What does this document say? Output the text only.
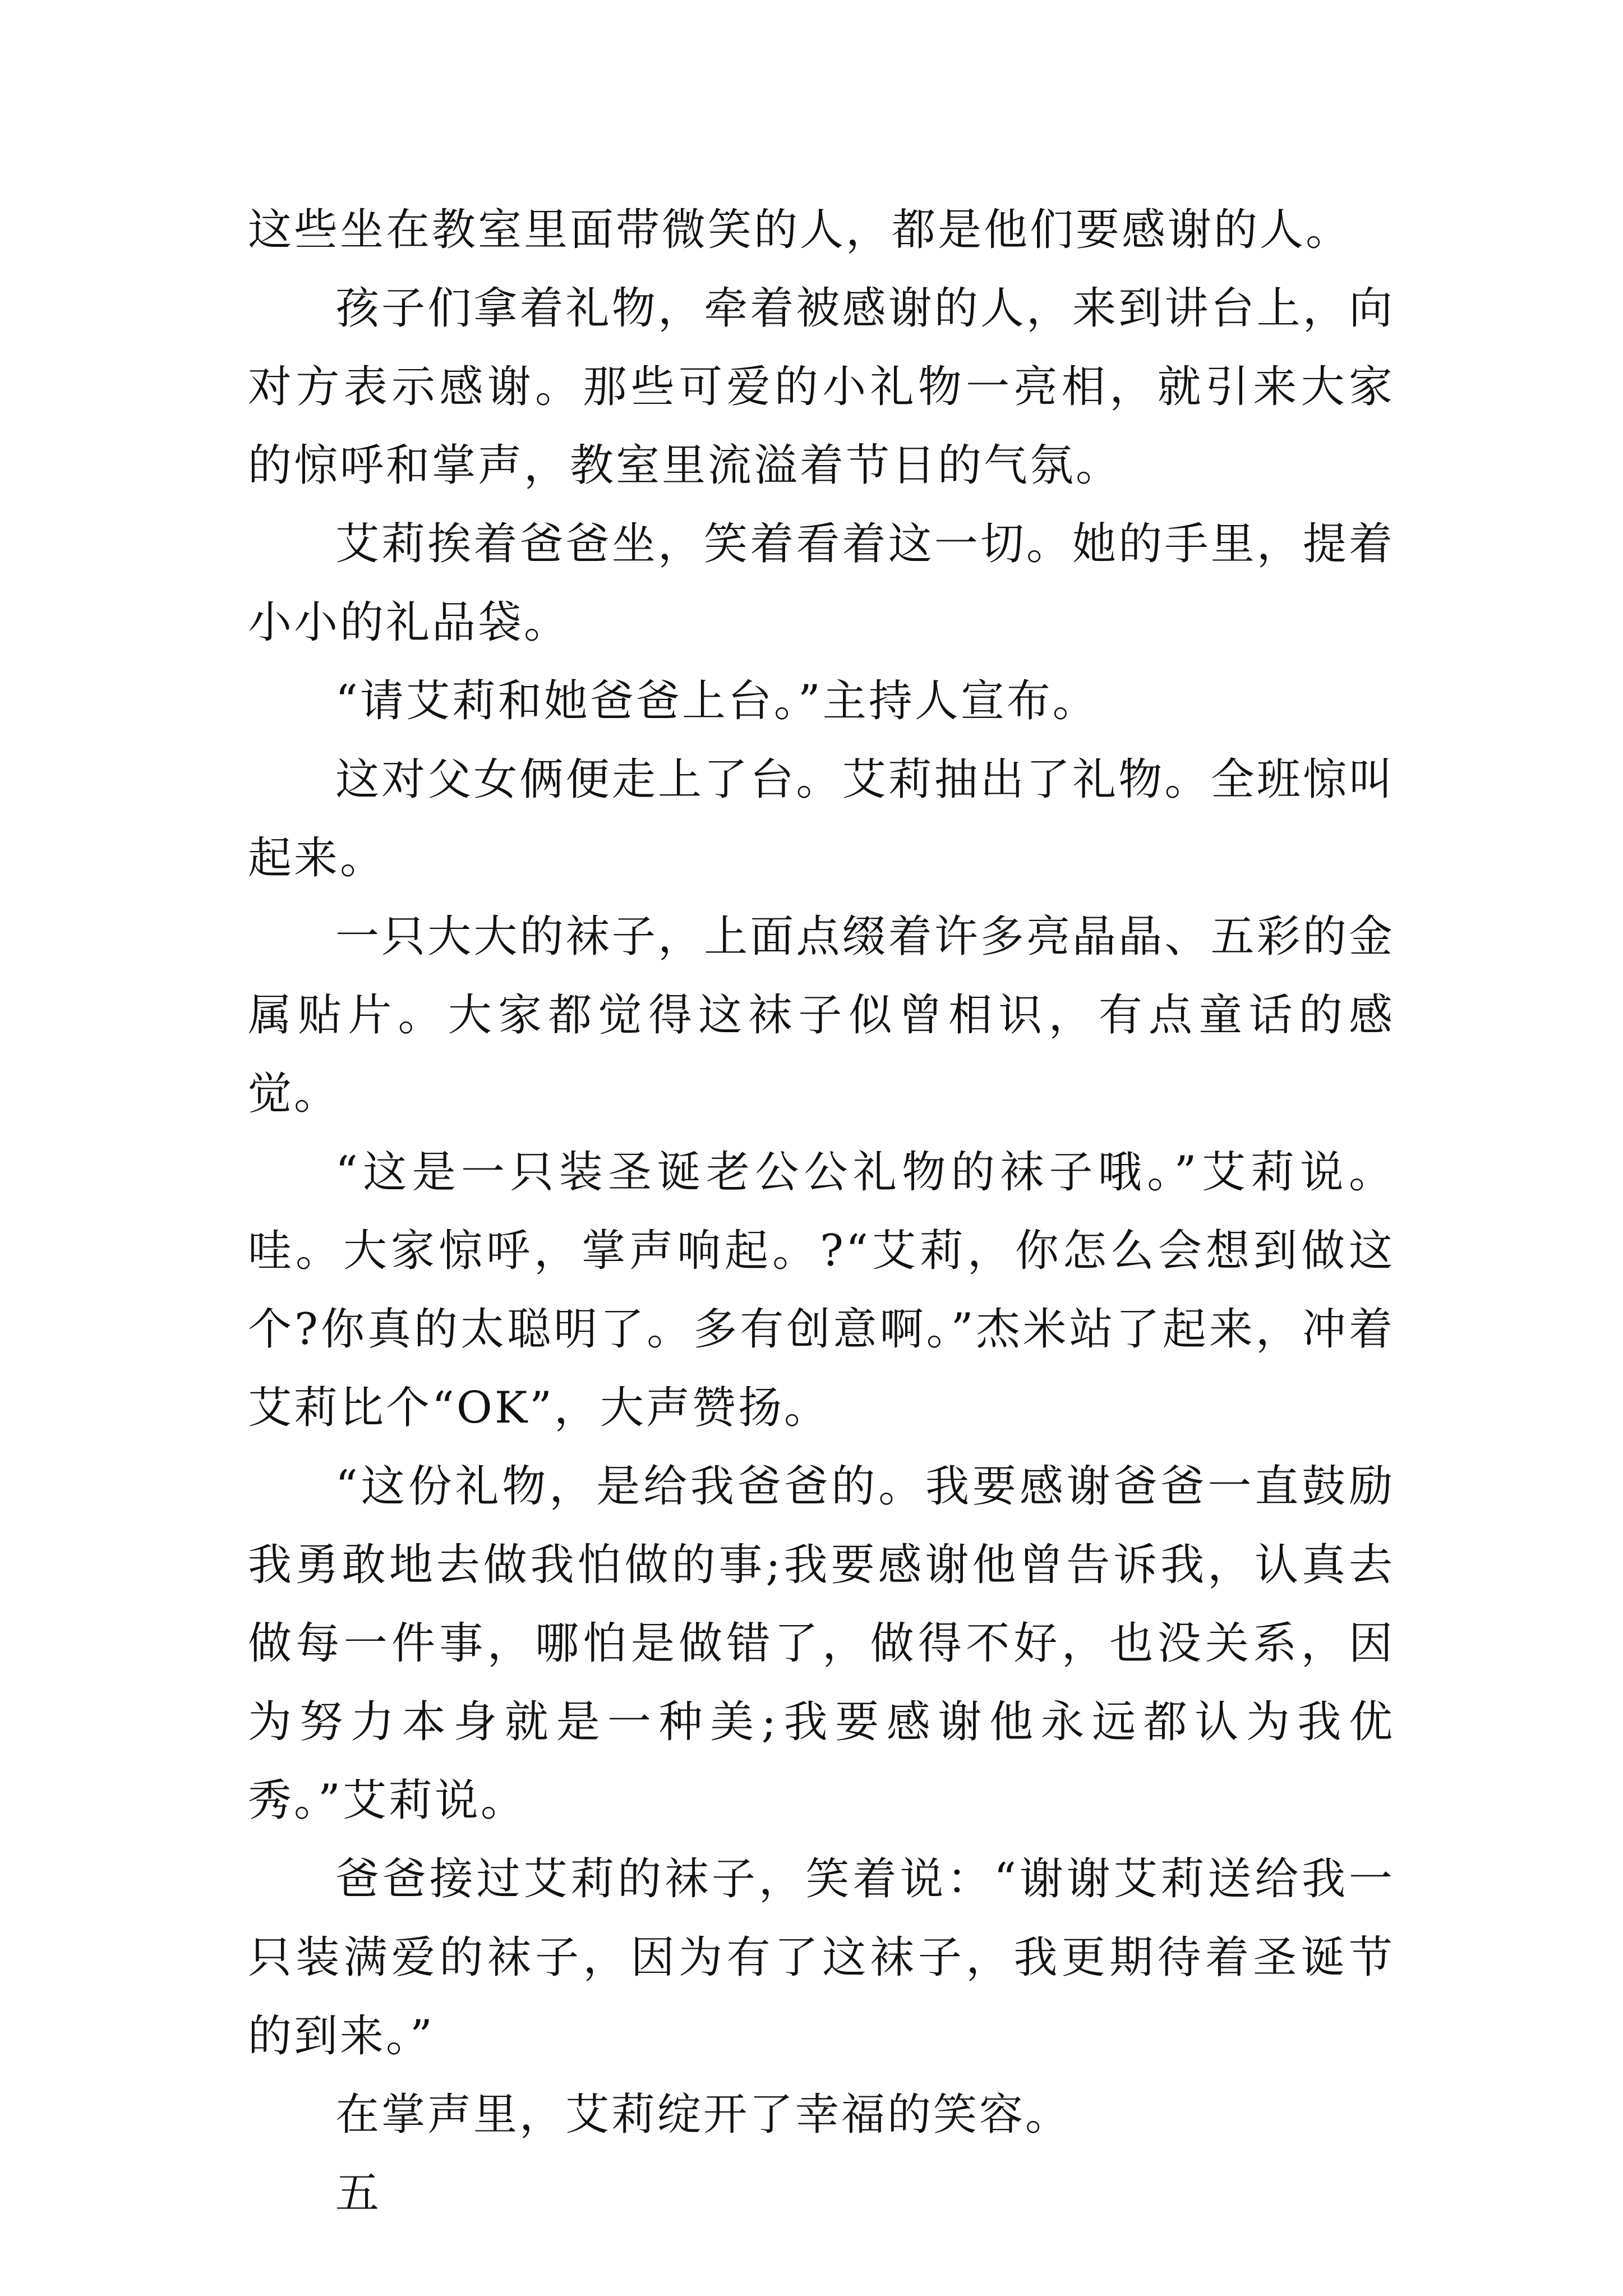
这些坐在教室里面带微笑的人，都是他们要感谢的人。

孩子们拿着礼物，牵着被感谢的人，来到讲台上，向对方表示感谢。那些可爱的小礼物一亮相，就引来大家的惊呼和掌声，教室里流溢着节日的气氛。

艾莉挨着爸爸坐，笑着看着这一切。她的手里，提着小小的礼品袋。

“请艾莉和她爸爸上台。”主持人宣布。

这对父女俩便走上了台。艾莉抽出了礼物。全班惊叫起来。

一只大大的袜子，上面点缀着许多亮晶晶、五彩的金属贴片。大家都觉得这袜子似曾相识，有点童话的感觉。

“这是一只装圣诞老公公礼物的袜子哦。”艾莉说。哇。大家惊呼，掌声响起。?“艾莉，你怎么会想到做这个?你真的太聪明了。多有创意啊。”杰米站了起来，冲着艾莉比个“OK”，大声赞扬。

“这份礼物，是给我爸爸的。我要感谢爸爸一直鼓励我勇敢地去做我怕做的事;我要感谢他曾告诉我，认真去做每一件事，哪怕是做错了，做得不好，也没关系，因为努力本身就是一种美;我要感谢他永远都认为我优秀。”艾莉说。

爸爸接过艾莉的袜子，笑着说：“谢谢艾莉送给我一只装满爱的袜子，因为有了这袜子，我更期待着圣诞节的到来。”

在掌声里，艾莉绽开了幸福的笑容。

五
